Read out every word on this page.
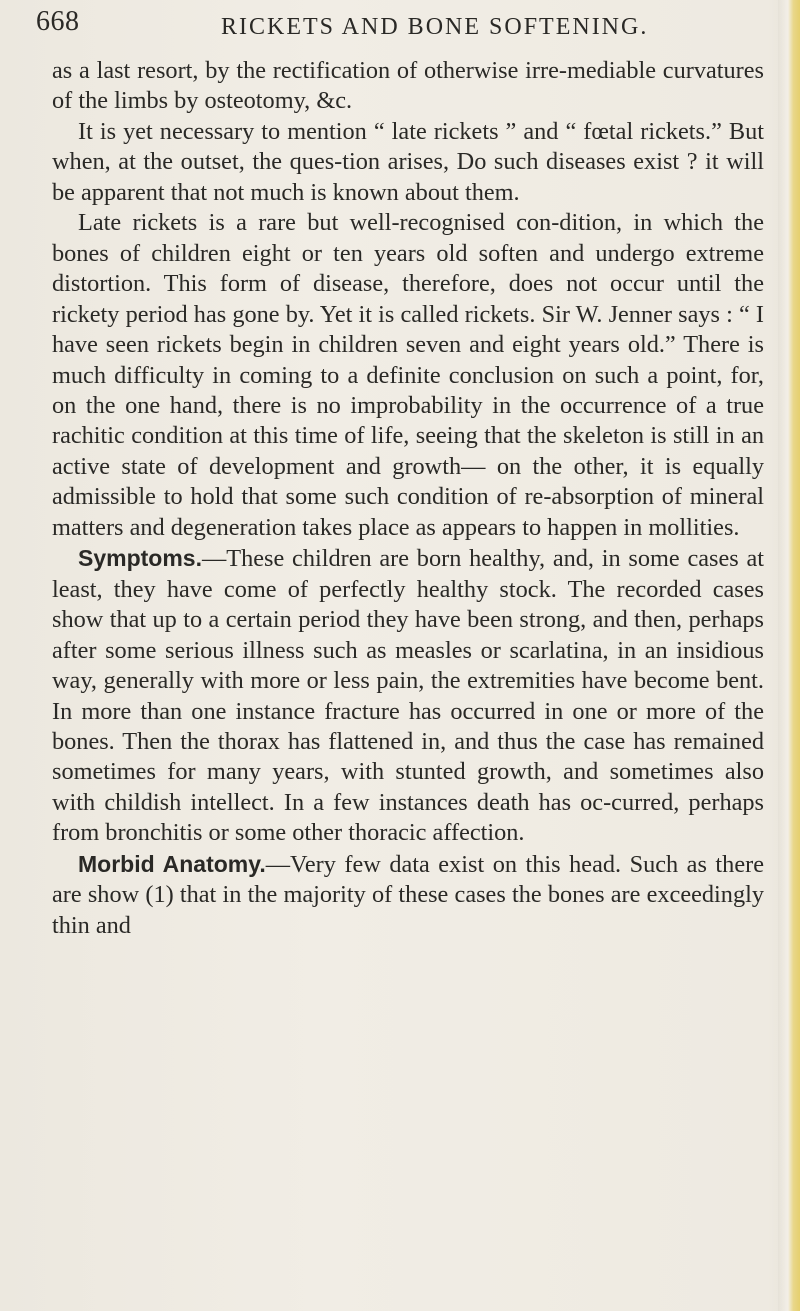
668	RICKETS AND BONE SOFTENING.

as a last resort, by the rectification of otherwise irre-mediable curvatures of the limbs by osteotomy, &c.

It is yet necessary to mention “ late rickets ” and “ fœtal rickets.” But when, at the outset, the ques-tion arises, Do such diseases exist ? it will be apparent that not much is known about them.

Late rickets is a rare but well-recognised con-dition, in which the bones of children eight or ten years old soften and undergo extreme distortion. This form of disease, therefore, does not occur until the rickety period has gone by. Yet it is called rickets. Sir W. Jenner says : “ I have seen rickets begin in children seven and eight years old.” There is much difficulty in coming to a definite conclusion on such a point, for, on the one hand, there is no improbability in the occurrence of a true rachitic condition at this time of life, seeing that the skeleton is still in an active state of development and growth— on the other, it is equally admissible to hold that some such condition of re-absorption of mineral matters and degeneration takes place as appears to happen in mollities.

Symptoms.—These children are born healthy, and, in some cases at least, they have come of perfectly healthy stock. The recorded cases show that up to a certain period they have been strong, and then, perhaps after some serious illness such as measles or scarlatina, in an insidious way, generally with more or less pain, the extremities have become bent. In more than one instance fracture has occurred in one or more of the bones. Then the thorax has flattened in, and thus the case has remained sometimes for many years, with stunted growth, and sometimes also with childish intellect. In a few instances death has oc-curred, perhaps from bronchitis or some other thoracic affection.

Morbid Anatomy.—Very few data exist on this head. Such as there are show (1) that in the majority of these cases the bones are exceedingly thin and
